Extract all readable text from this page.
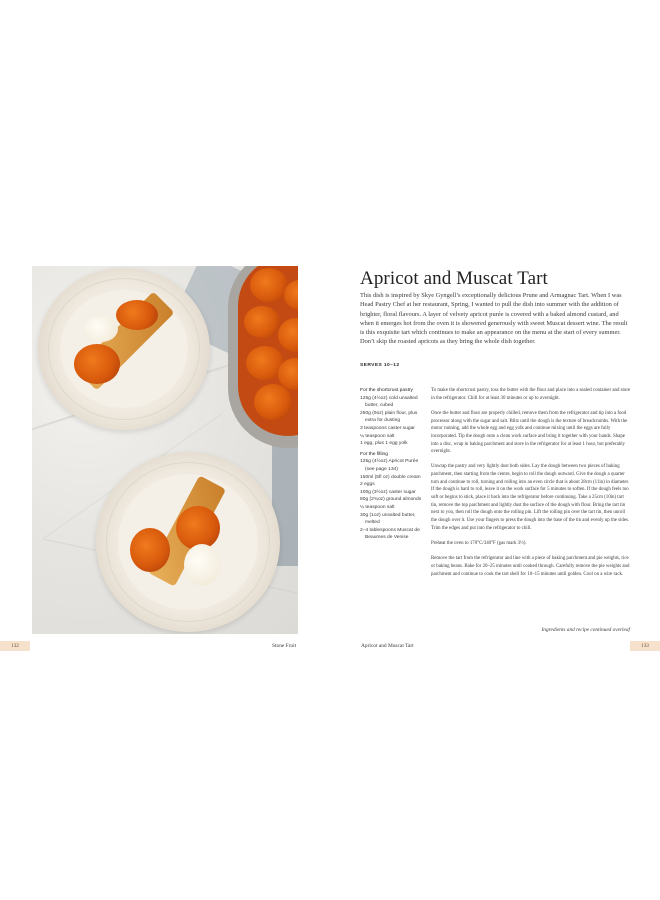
Apricot and Muscat Tart
This dish is inspired by Skye Gyngell’s exceptionally delicious Prune and Armagnac Tart. When I was Head Pastry Chef at her restaurant, Spring, I wanted to pull the dish into summer with the addition of brighter, floral flavours. A layer of velvety apricot purée is covered with a baked almond custard, and when it emerges hot from the oven it is showered generously with sweet Muscat dessert wine. The result is this exquisite tart which continues to make an appearance on the menu at the start of every summer. Don’t skip the roasted apricots as they bring the whole dish together.
SERVES 10–12
For the shortcrust pastry
125g (4½oz) cold unsalted butter, cubed
250g (9oz) plain flour, plus extra for dusting
3 teaspoons caster sugar
¼ teaspoon salt
1 egg, plus 1 egg yolk
For the filling
125g (4½oz) Apricot Purée (see page 134)
150ml (5fl oz) double cream
2 eggs
100g (3½oz) caster sugar
80g (2¾oz) ground almonds
¼ teaspoon salt
30g (1oz) unsalted butter, melted
2–4 tablespoons Muscat de Beaumes de Venise

To make the shortcrust pastry, toss the butter with the flour and place into a sealed container and store in the refrigerator. Chill for at least 30 minutes or up to overnight.

Once the butter and flour are properly chilled, remove them from the refrigerator and tip into a food processor along with the sugar and salt. Blitz until the dough is the texture of breadcrumbs. With the motor running, add the whole egg and egg yolk and continue mixing until the eggs are fully incorporated. Tip the dough onto a clean work surface and bring it together with your hands. Shape into a disc, wrap in baking parchment and store in the refrigerator for at least 1 hour, but preferably overnight.

Unwrap the pastry and very lightly dust both sides. Lay the dough between two pieces of baking parchment, then starting from the centre, begin to roll the dough outward. Give the dough a quarter turn and continue to roll, turning and rolling into an even circle that is about 28cm (11in) in diameter. If the dough is hard to roll, leave it on the work surface for 5 minutes to soften. If the dough feels too soft or begins to stick, place it back into the refrigerator before continuing. Take a 25cm (10in) tart tin, remove the top parchment and lightly dust the surface of the dough with flour. Bring the tart tin next to you, then roll the dough onto the rolling pin. Lift the rolling pin over the tart tin, then unroll the dough over it. Use your fingers to press the dough into the base of the tin and evenly up the sides. Trim the edges and put into the refrigerator to chill.

Preheat the oven to 170°C/340°F (gas mark 3½).

Remove the tart from the refrigerator and line with a piece of baking parchment and pie weights, rice or baking beans. Bake for 20–25 minutes until cooked through. Carefully remove the pie weights and parchment and continue to cook the tart shell for 10–15 minutes until golden. Cool on a wire rack.

Ingredients and recipe continued overleaf
132	Stone Fruit	Apricot and Muscat Tart	133
